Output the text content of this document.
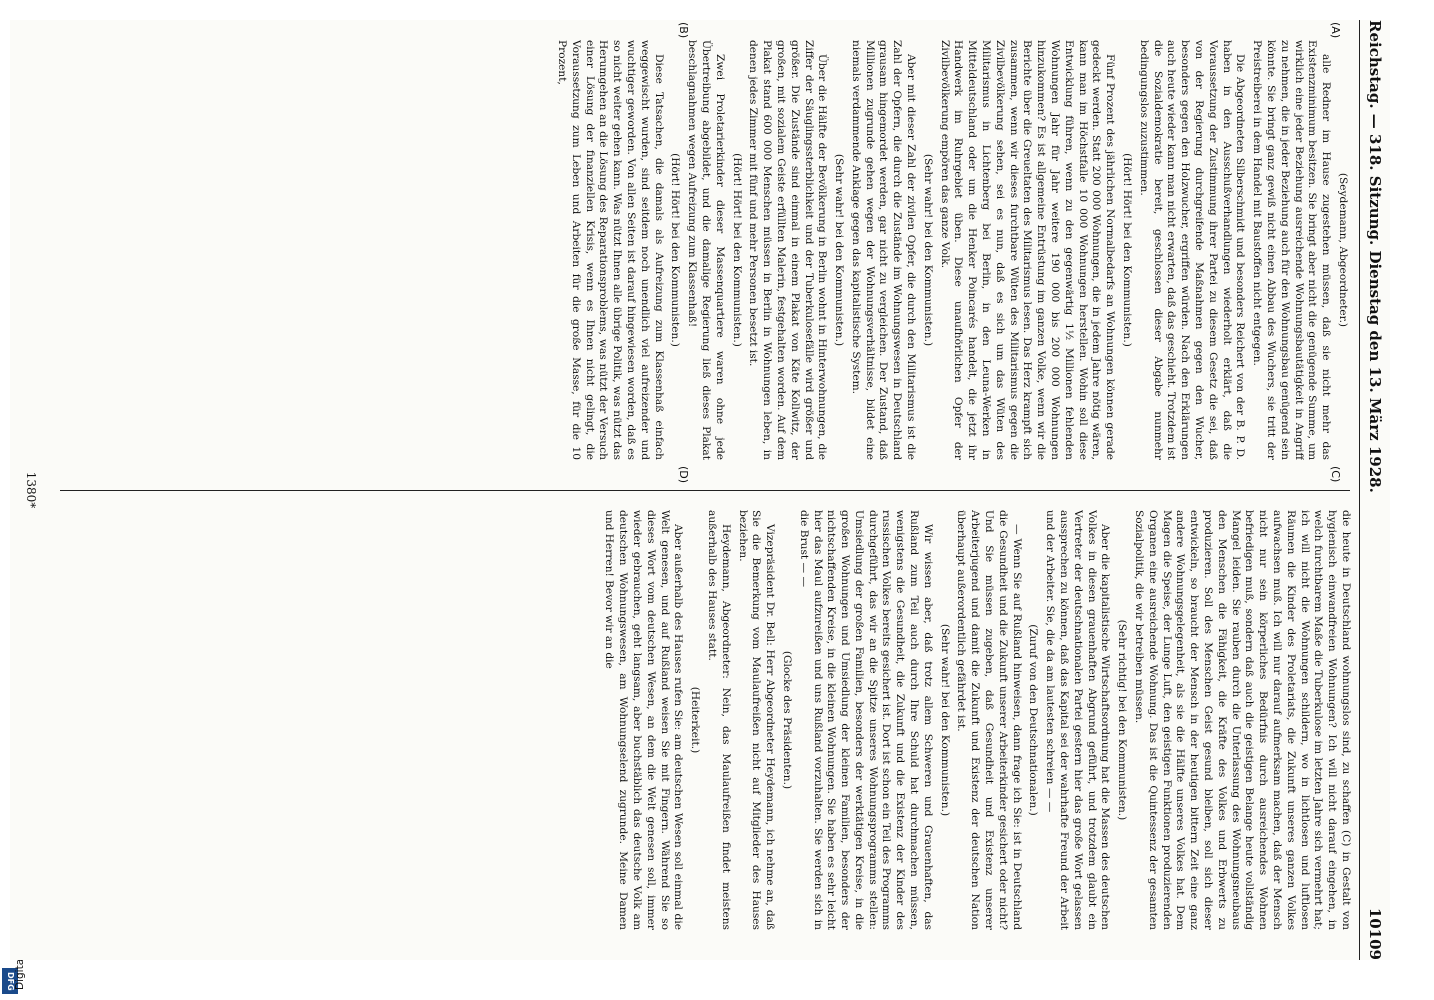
DFG
Reichstag. — 318. Sitzung. Dienstag den 13. März 1928.
10109

(Seydemann, Abgeordneter.)

alle Redner im Hause zugestehen müssen, daß sie nicht mehr das Existenzminimum besitzen. Sie bringt aber nicht die genügende Summe, um wirklich eine jeder Beziehung ausreichende Wohnungsbautätigkeit in Angriff zu nehmen, die in jeder Beziehung auch für den Wohnungsbau genügend sein könnte. Sie bringt ganz gewiß nicht einen Abbau des Wuchers, sie tritt der Preistreiberei in dem Handel mit Baustoffen nicht entgegen.

Die Abgeordneten Silberschmidt und besonders Reichert von der B. P. D. haben in den Ausschußverhandlungen wiederholt erklärt, daß die Voraussetzung der Zustimmung ihrer Partei zu diesem Gesetz die sei, daß von der Regierung durchgreifende Maßnahmen gegen den Wucher, besonders gegen den Holzwucher, ergriffen würden. Nach den Erklärungen auch heute wieder kann man nicht erwarten, daß das geschieht. Trotzdem ist die Sozialdemokratie bereit, geschlossen dieser Abgabe nunmehr bedingungslos zuzustimmen.

(Hört! Hört! bei den Kommunisten.)

Fünf Prozent des jährlichen Normalbedarfs an Wohnungen können gerade gedeckt werden. Statt 200 000 Wohnungen, die in jedem Jahre nötig wären, kann man im Höchstfalle 10 000 Wohnungen herstellen. Wohin soll diese Entwicklung führen, wenn zu den gegenwärtig 1½ Millionen fehlenden Wohnungen Jahr für Jahr weitere 190 000 bis 200 000 Wohnungen hinzukommen? Es ist allgemeine Entrüstung im ganzen Volke, wenn wir die Berichte über die Greueltaten des Militarismus lesen. Das Herz krampft sich zusammen, wenn wir dieses furchtbare Wüten des Militarismus gegen die Zivilbevölkerung sehen, sei es nun, daß es sich um das Wüten des Militarismus in Lichtenberg bei Berlin, in den Leuna-Werken in Mitteldeutschland oder um die Henker Poincarés handelt, die jetzt ihr Handwerk im Ruhrgebiet üben. Diese unaufhörlichen Opfer der Zivilbevölkerung empören das ganze Volk.

(Sehr wahr! bei den Kommunisten.)

Aber mit dieser Zahl der zivilen Opfer, die durch den Militarismus ist die Zahl der Opfern, die durch die Zustände im Wohnungswesen in Deutschland grausam hingemordet werden, gar nicht zu vergleichen. Der Zustand, daß Millionen zugrunde gehen wegen der Wohnungsverhältnisse, bildet eine niemals verdammende Anklage gegen das kapitalistische System.

(Sehr wahr! bei den Kommunisten.)

Über die Hälfte der Bevölkerung in Berlin wohnt in Hinterwohnungen, die Ziffer der Säuglingssterblichkeit und der Tuberkulosefälle wird größer und größer. Die Zustände sind einmal in einem Plakat von Käte Kollwitz, der großen, mit sozialem Geiste erfüllten Malerin, festgehalten worden. Auf dem Plakat stand 600 000 Menschen müssen in Berlin in Wohnungen leben, in denen jedes Zimmer mit fünf und mehr Personen besetzt ist.

(Hört! Hört! bei den Kommunisten.)

Zwei Proletarierkinder dieser Massenquartiere waren ohne jede Übertreibung abgebildet, und die damalige Regierung ließ dieses Plakat beschlagnahmen wegen Aufreizung zum Klassenhaß!

(Hört! Hört! bei den Kommunisten.)

Diese Tatsachen, die damals als Aufreizung zum Klassenhaß einfach weggewischt wurden, sind seitdem noch unendlich viel aufreizender und wuchtiger geworden. Von allen Seiten ist darauf hingewiesen worden, daß es so nicht weiter gehen kann. Was nützt Ihnen alle übrige Politik, was nützt das Herumgehen an die Lösung des Reparationsproblems, was nützt der Versuch einer Lösung der finanziellen Krisis, wenn es Ihnen nicht gelingt, die Voraussetzung zum Leben und Arbeiten für die große Masse, für die 10 Prozent,

die heute in Deutschland wohnungslos sind, zu schaffen (C) in Gestalt von hygienisch einwandfreien Wohnungen? Ich will nicht darauf eingehen, in welch furchtbarem Maße die Tuberkulose im letzten Jahre sich vermehrt hat; ich will nicht die Wohnungen schildern, wo in lichtlosen und luftlosen Räumen die Kinder des Proletariats, die Zukunft unseres ganzen Volkes aufwachsen muß. Ich will nur darauf aufmerksam machen, daß der Mensch nicht nur sein körperliches Bedürfnis durch ausreichendes Wohnen befriedigen muß, sondern daß auch die geistigen Belange heute vollständig Mangel leiden. Sie rauben durch die Unterlassung des Wohnungsneubaus den Menschen die Fähigkeit, die Kräfte des Volkes und Erbwerts zu produzieren. Soll des Menschen Geist gesund bleiben, soll sich dieser entwickeln, so braucht der Mensch in der heutigen bittern Zeit eine ganz andere Wohnungsgelegenheit, als sie die Hälfte unseres Volkes hat. Dem Magen die Speise, der Lunge Luft, den geistigen Funktionen produzierenden Organen eine ausreichende Wohnung. Das ist die Quintessenz der gesamten Sozialpolitik, die wir betreiben müssen.

(Sehr richtig! bei den Kommunisten.)

Aber die kapitalistische Wirtschaftsordnung hat die Massen des deutschen Volkes in diesen grauenhaften Abgrund geführt, und trotzdem glaubt ein Vertreter der deutschnationalen Partei gestern hier das große Wort gelassen aussprechen zu können, daß das Kapital sei der wahrhafte Freund der Arbeit und der Arbeiter. Sie, die da am lautesten schreien — —

(Zuruf von den Deutschnationalen.)

— Wenn Sie auf Rußland hinweisen, dann frage ich Sie: ist in Deutschland die Gesundheit und die Zukunft unserer Arbeiterkinder gesichert oder nicht? Und Sie müssen zugeben, daß Gesundheit und Existenz unserer Arbeiterjugend und damit die Zukunft und Existenz der deutschen Nation überhaupt außerordentlich gefährdet ist.

(Sehr wahr! bei den Kommunisten.)

Wir wissen aber, daß trotz allem Schweren und Grauenhaften, das Rußland zum Teil auch durch Ihre Schuld hat durchmachen müssen, wenigstens die Gesundheit, die Zukunft und die Existenz der Kinder des russischen Volkes bereits gesichert ist. Dort ist schon ein Teil des Programms durchgeführt, das wir an die Spitze unseres Wohnungsprogramms stellen: Umsiedlung der großen Familien, besonders der werktätigen Kreise, in die großen Wohnungen und Umsiedlung der kleinen Familien, besonders der nichtschaffenden Kreise, in die kleinen Wohnungen. Sie haben es sehr leicht hier das Maul aufzureißen und uns Rußland vorzuhalten. Sie werden sich in die Brust — —

(Glocke des Präsidenten.)

Vizepräsident Dr. Bell: Herr Abgeordneter Heydemann, ich nehme an, daß Sie die Bemerkung vom Maulaufreißen nicht auf Mitglieder des Hauses beziehen.

Heydemann, Abgeordneter: Nein, das Maulaufreißen findet meistens außerhalb des Hauses statt.

(Heiterkeit.)

Aber außerhalb des Hauses rufen Sie: am deutschen Wesen soll einmal die Welt genesen, und auf Rußland weisen Sie mit Fingern. Während Sie so dieses Wort vom deutschen Wesen, an dem die Welt genesen soll, immer wieder gebrauchen, geht langsam, aber buchstäblich das deutsche Volk am deutschen Wohnungswesen, am Wohnungselend zugrunde. Meine Damen und Herren! Bevor wir an die

(A)
(B)
(C)
(D)
1380*
